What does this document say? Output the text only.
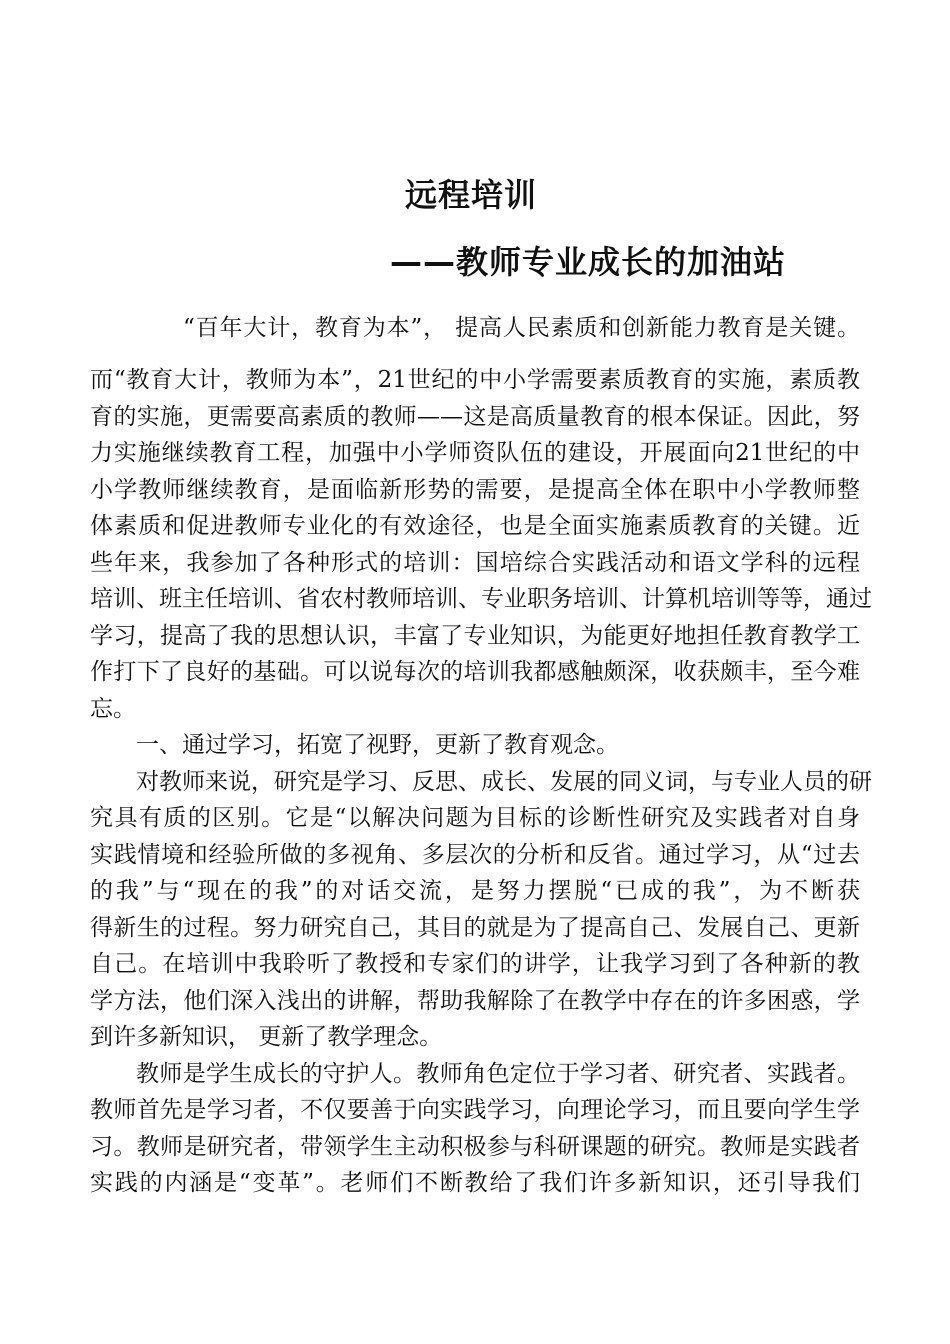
远程培训
——教师专业成长的加油站
“百年大计，教育为本”， 提高人民素质和创新能力教育是关键。
而“教育大计，教师为本”，21世纪的中小学需要素质教育的实施，素质教
育的实施，更需要高素质的教师——这是高质量教育的根本保证。因此，努
力实施继续教育工程，加强中小学师资队伍的建设，开展面向21世纪的中
小学教师继续教育，是面临新形势的需要，是提高全体在职中小学教师整
体素质和促进教师专业化的有效途径，也是全面实施素质教育的关键。近
些年来，我参加了各种形式的培训：国培综合实践活动和语文学科的远程
培训、班主任培训、省农村教师培训、专业职务培训、计算机培训等等，通过
学习，提高了我的思想认识，丰富了专业知识，为能更好地担任教育教学工
作打下了良好的基础。可以说每次的培训我都感触颇深，收获颇丰，至今难
忘。
一、通过学习，拓宽了视野，更新了教育观念。
对教师来说，研究是学习、反思、成长、发展的同义词，与专业人员的研
究具有质的区别。它是“以解决问题为目标的诊断性研究及实践者对自身
实践情境和经验所做的多视角、多层次的分析和反省。通过学习，从“过去
的我”与“现在的我”的对话交流，是努力摆脱“已成的我”，为不断获
得新生的过程。努力研究自己，其目的就是为了提高自己、发展自己、更新
自己。在培训中我聆听了教授和专家们的讲学，让我学习到了各种新的教
学方法，他们深入浅出的讲解，帮助我解除了在教学中存在的许多困惑，学
到许多新知识， 更新了教学理念。
教师是学生成长的守护人。教师角色定位于学习者、研究者、实践者。
教师首先是学习者，不仅要善于向实践学习，向理论学习，而且要向学生学
习。教师是研究者，带领学生主动积极参与科研课题的研究。教师是实践者
实践的内涵是“变革”。老师们不断教给了我们许多新知识，还引导我们
